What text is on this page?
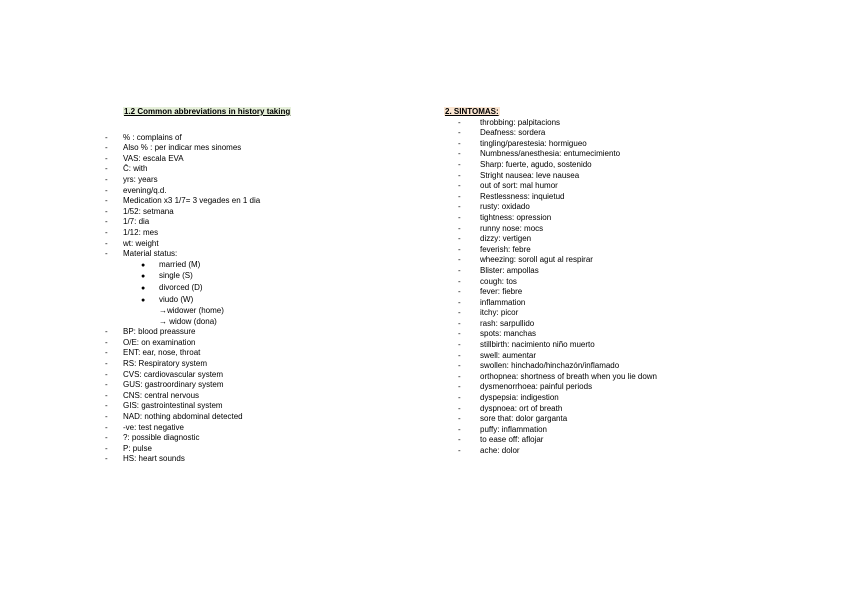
1.2 Common abbreviations in history taking
- % : complains of
- Also % : per indicar mes sinomes
- VAS: escala EVA
- C̄: with
- yrs: years
- evening/q.d.
- Medication x3 1/7= 3 vegades en 1 dia
- 1/52: setmana
- 1/7: dia
- 1/12: mes
- wt: weight
- Material status:
● married (M)
● single (S)
● divorced (D)
● viudo (W)
→widower (home)
→ widow (dona)
- BP: blood preassure
- O/E: on examination
- ENT: ear, nose, throat
- RS: Respiratory system
- CVS: cardiovascular system
- GUS: gastroordinary system
- CNS: central nervous
- GIS: gastrointestinal system
- NAD: nothing abdominal detected
- -ve: test negative
- ?: possible diagnostic
- P: pulse
- HS: heart sounds
2. SINTOMAS:
- throbbing: palpitacions
- Deafness: sordera
- tingling/parestesia: hormigueo
- Numbness/anesthesia: entumecimiento
- Sharp: fuerte, agudo, sostenido
- Stright nausea: leve nausea
- out of sort: mal humor
- Restlessness: inquietud
- rusty: oxidado
- tightness: opression
- runny nose: mocs
- dizzy: vertigen
- feverish: febre
- wheezing: soroll agut al respirar
- Blister: ampollas
- cough: tos
- fever: fiebre
- inflammation
- itchy: picor
- rash: sarpullido
- spots: manchas
- stillbirth: nacimiento niño muerto
- swell: aumentar
- swollen: hinchado/hinchazón/inflamado
- orthopnea: shortness of breath when you lie down
- dysmenorrhoea: painful periods
- dyspepsia: indigestion
- dyspnoea: ort of breath
- sore that: dolor garganta
- puffy: inflammation
- to ease off: aflojar
- ache: dolor
